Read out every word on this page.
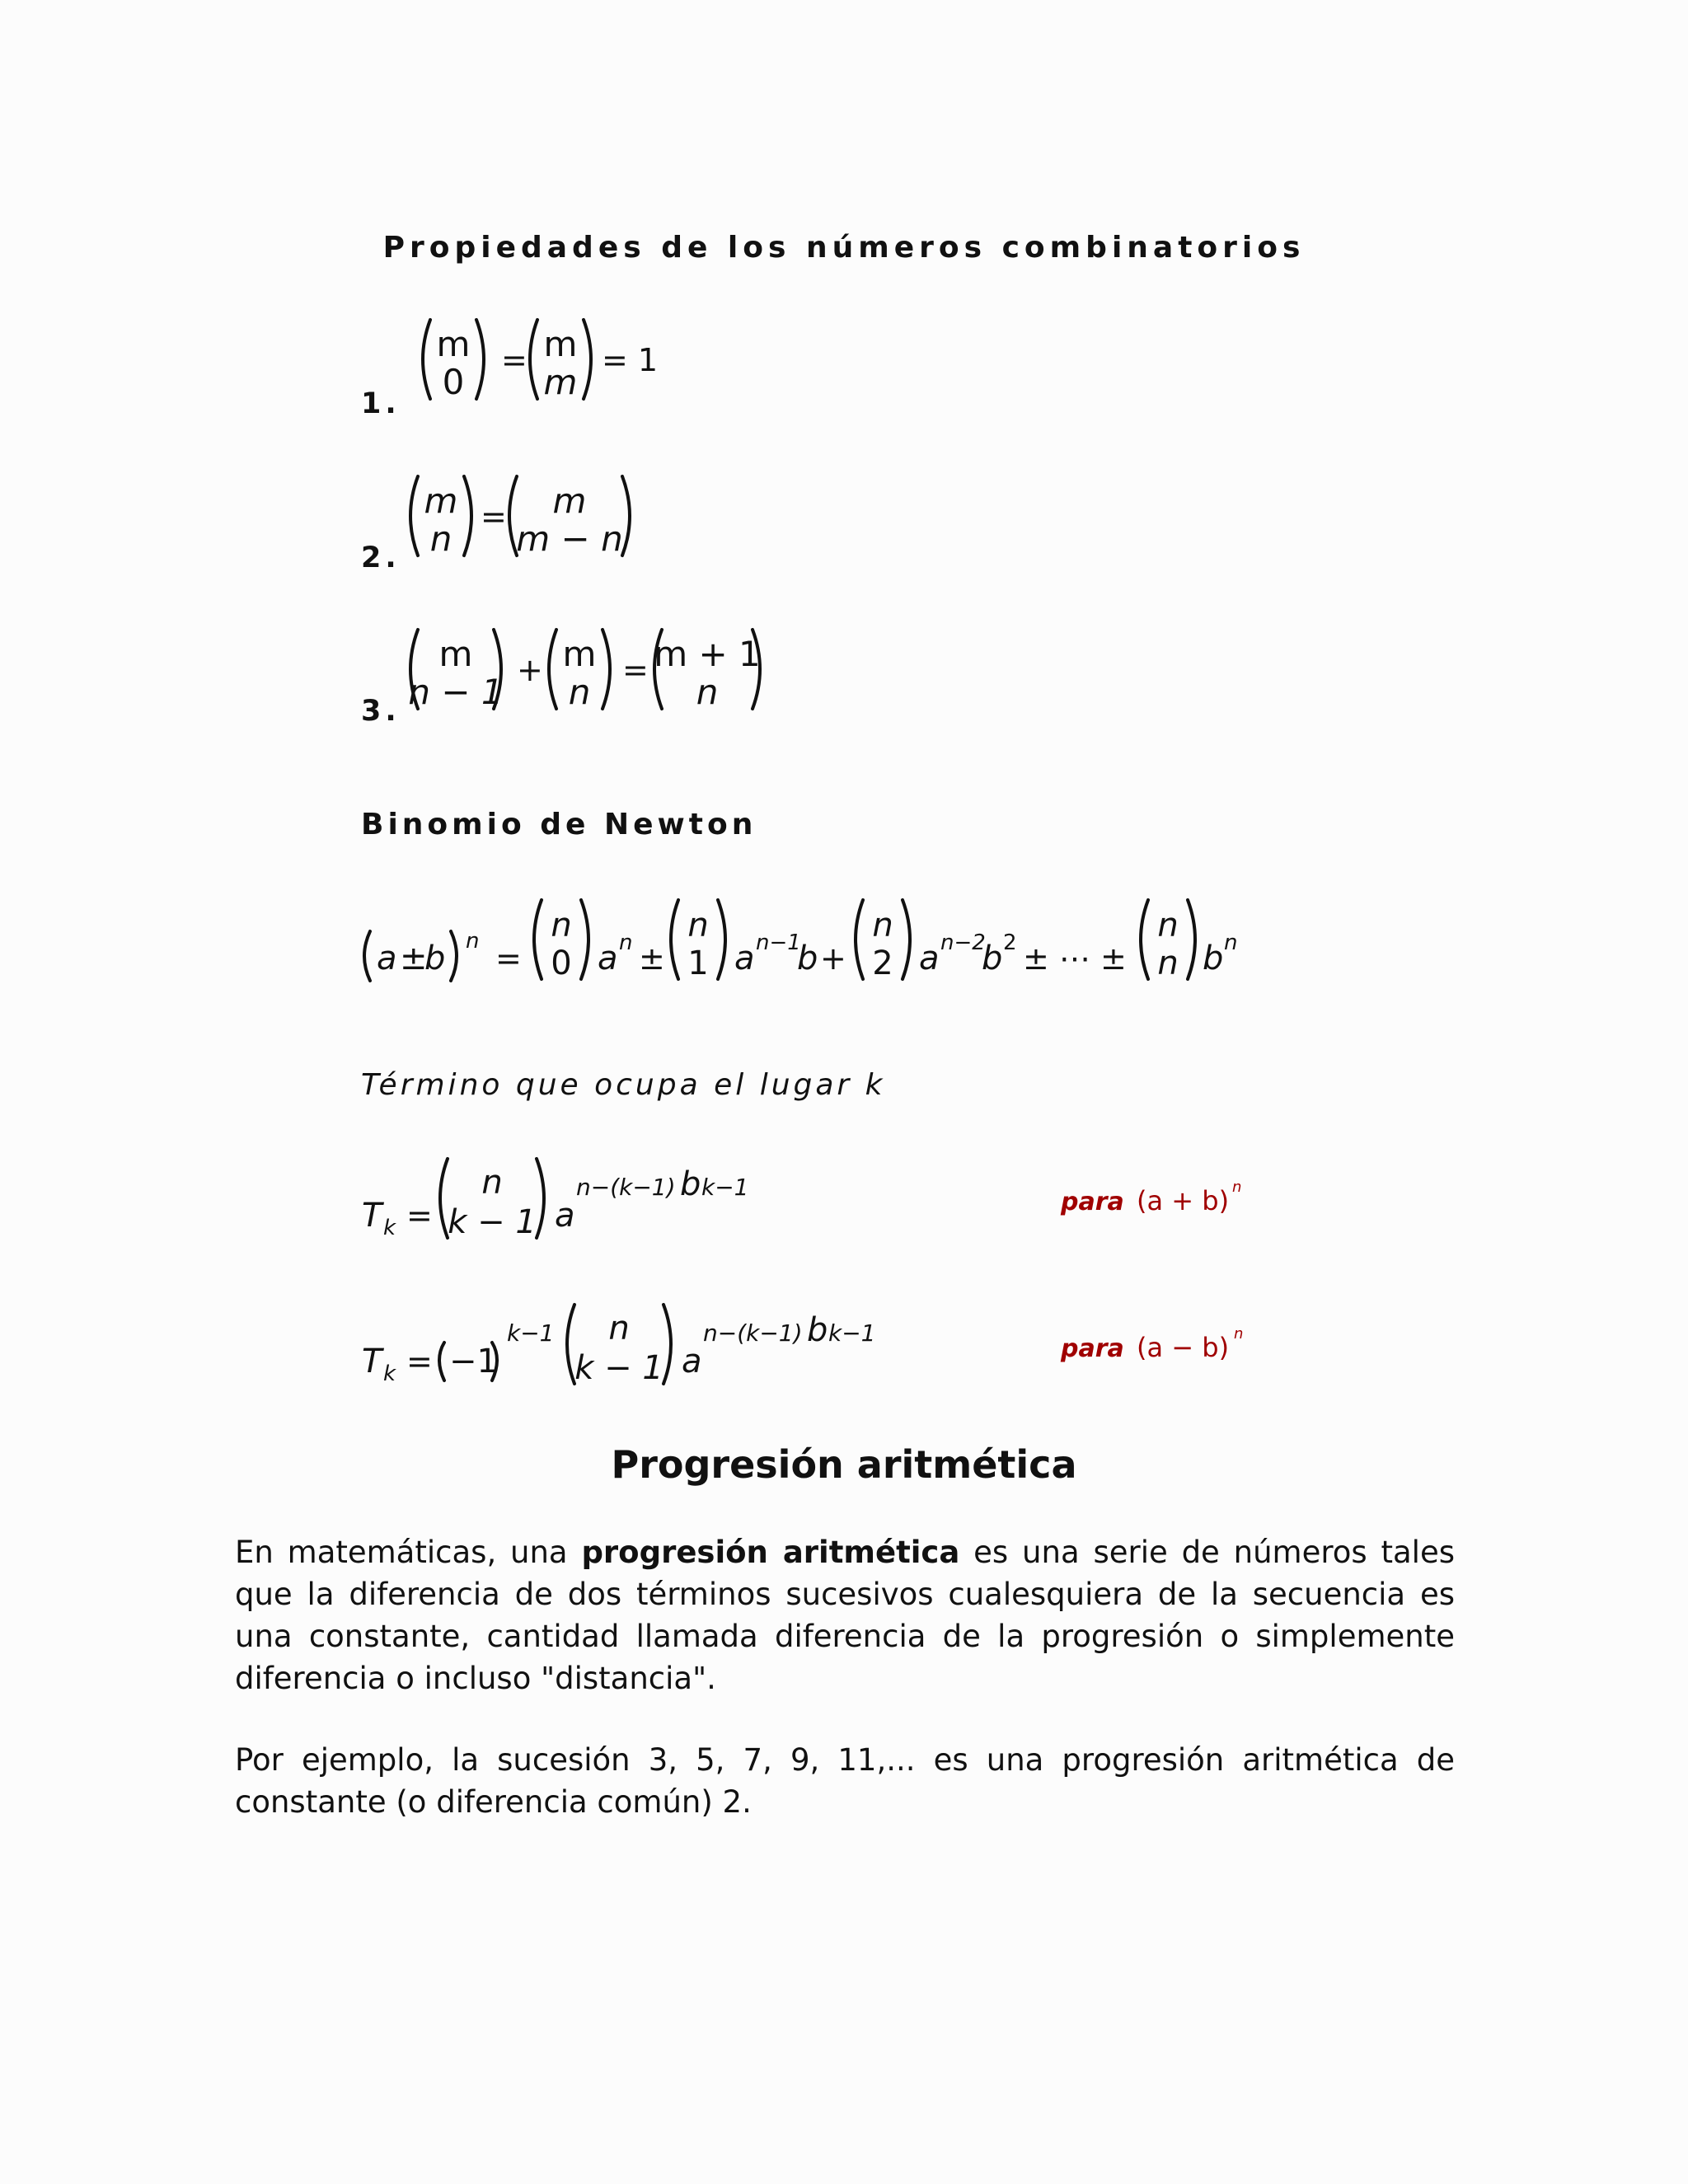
Propiedades de los números combinatorios
1.
m
0
= m
m
= 1
2.
m
n
= m
m − n
3.
m
n − 1
+ m
n
= m + 1
n
Binomio de Newton
a ±
b n =
n
0 a n ±
n
1 a n−1
b +
n
2 a n−2
b 2 ± ⋯ ±
n
n b n
Término que ocupa el lugar k
T k =
n
k − 1 a
n−(k−1) b k−1
para (a + b) n
T k = −1
k−1 n
k − 1 a
n−(k−1) b k−1
para (a − b) n
Progresión aritmética
En matemáticas, una progresión aritmética es una serie de números tales que la diferencia de dos términos sucesivos cualesquiera de la secuencia es una constante, cantidad llamada diferencia de la progresión o simplemente diferencia o incluso "distancia".
Por ejemplo, la sucesión 3, 5, 7, 9, 11,... es una progresión aritmética de constante (o diferencia común) 2.
